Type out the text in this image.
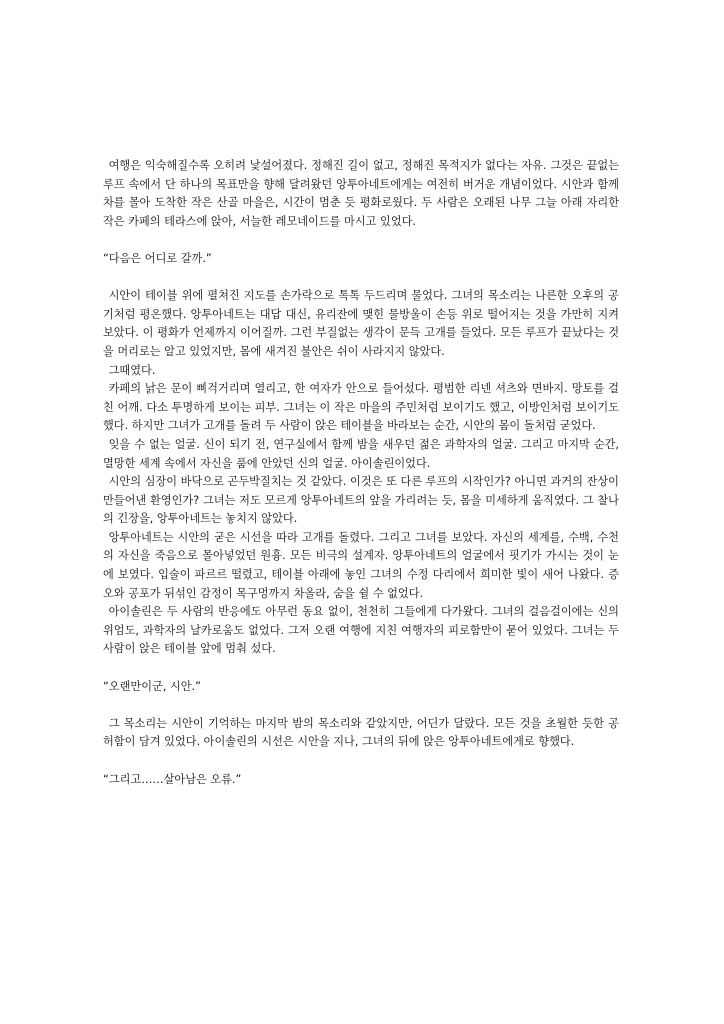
여행은 익숙해질수록 오히려 낯설어졌다. 정해진 길이 없고, 정해진 목적지가 없다는 자유. 그것은 끝없는 루프 속에서 단 하나의 목표만을 향해 달려왔던 앙투아네트에게는 여전히 버거운 개념이었다. 시안과 함께 차를 몰아 도착한 작은 산골 마을은, 시간이 멈춘 듯 평화로웠다. 두 사람은 오래된 나무 그늘 아래 자리한 작은 카페의 테라스에 앉아, 서늘한 레모네이드를 마시고 있었다.

“다음은 어디로 갈까.”

시안이 테이블 위에 펼쳐진 지도를 손가락으로 톡톡 두드리며 물었다. 그녀의 목소리는 나른한 오후의 공기처럼 평온했다. 앙투아네트는 대답 대신, 유리잔에 맺힌 물방울이 손등 위로 떨어지는 것을 가만히 지켜보았다. 이 평화가 언제까지 이어질까. 그런 부질없는 생각이 문득 고개를 들었다. 모든 루프가 끝났다는 것을 머리로는 알고 있었지만, 몸에 새겨진 불안은 쉬이 사라지지 않았다.

그때였다.

카페의 낡은 문이 삐걱거리며 열리고, 한 여자가 안으로 들어섰다. 평범한 리넨 셔츠와 면바지. 망토를 걸친 어깨. 다소 투명하게 보이는 피부. 그녀는 이 작은 마을의 주민처럼 보이기도 했고, 이방인처럼 보이기도 했다. 하지만 그녀가 고개를 돌려 두 사람이 앉은 테이블을 바라보는 순간, 시안의 몸이 돌처럼 굳었다.

잊을 수 없는 얼굴. 신이 되기 전, 연구실에서 함께 밤을 새우던 젊은 과학자의 얼굴. 그리고 마지막 순간, 멸망한 세계 속에서 자신을 품에 안았던 신의 얼굴. 아이솔린이었다.

시안의 심장이 바닥으로 곤두박질치는 것 같았다. 이것은 또 다른 루프의 시작인가? 아니면 과거의 잔상이 만들어낸 환영인가? 그녀는 저도 모르게 앙투아네트의 앞을 가리려는 듯, 몸을 미세하게 움직였다. 그 찰나의 긴장을, 앙투아네트는 놓치지 않았다.

앙투아네트는 시안의 굳은 시선을 따라 고개를 돌렸다. 그리고 그녀를 보았다. 자신의 세계를, 수백, 수천의 자신을 죽음으로 몰아넣었던 원흉. 모든 비극의 설계자. 앙투아네트의 얼굴에서 핏기가 가시는 것이 눈에 보였다. 입술이 파르르 떨렸고, 테이블 아래에 놓인 그녀의 수정 다리에서 희미한 빛이 새어 나왔다. 증오와 공포가 뒤섞인 감정이 목구멍까지 차올라, 숨을 쉴 수 없었다.

아이솔린은 두 사람의 반응에도 아무런 동요 없이, 천천히 그들에게 다가왔다. 그녀의 걸음걸이에는 신의 위엄도, 과학자의 날카로움도 없었다. 그저 오랜 여행에 지친 여행자의 피로함만이 묻어 있었다. 그녀는 두 사람이 앉은 테이블 앞에 멈춰 섰다.

“오랜만이군, 시안.”

그 목소리는 시안이 기억하는 마지막 밤의 목소리와 같았지만, 어딘가 달랐다. 모든 것을 초월한 듯한 공허함이 담겨 있었다. 아이솔린의 시선은 시안을 지나, 그녀의 뒤에 앉은 앙투아네트에게로 향했다.

“그리고……살아남은 오류.”
